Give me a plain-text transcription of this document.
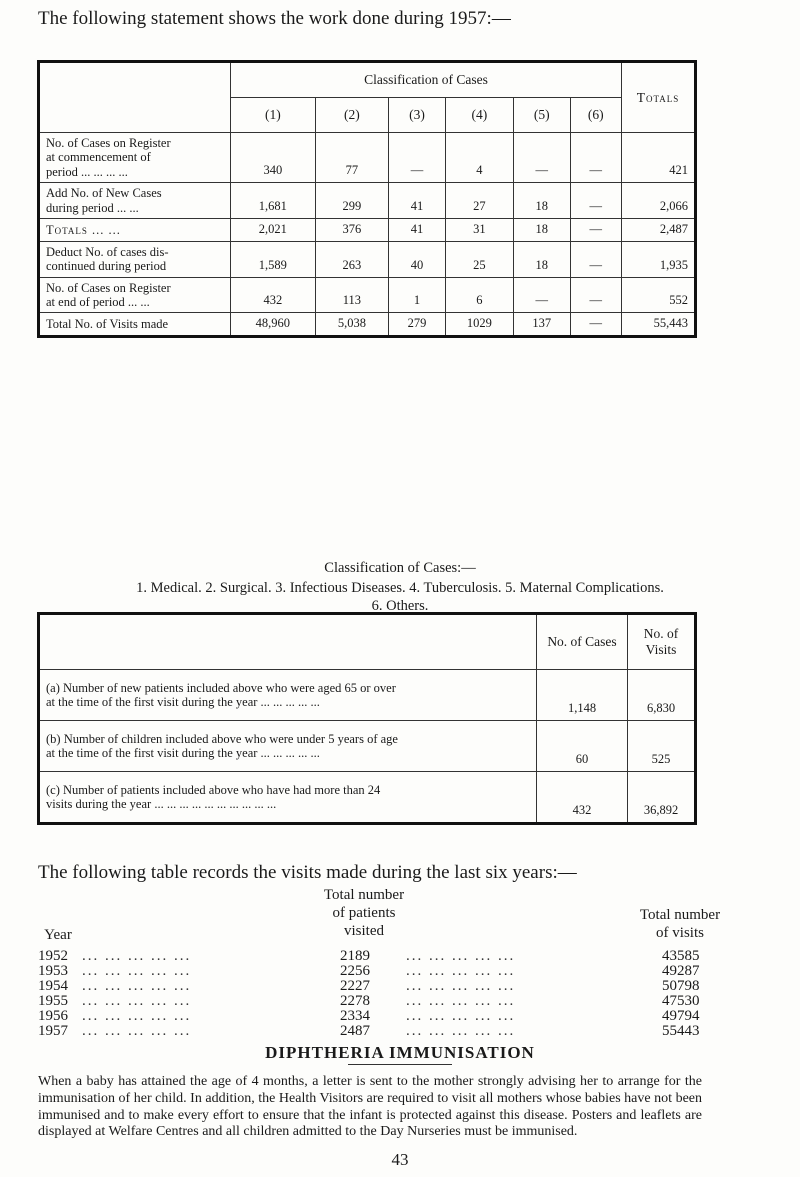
The following statement shows the work done during 1957:—
	Classification of Cases						Totals
	(1)	(2)	(3)	(4)	(5)	(6)	

No. of Cases on Register
at commencement of
period ... ... ... ...	340	77	—	4	—	—	421

Add No. of New Cases
during period ... ...	1,681	299	41	27	18	—	2,066

Totals ... ...	2,021	376	41	31	18	—	2,487

Deduct No. of cases dis-
continued during period	1,589	263	40	25	18	—	1,935

No. of Cases on Register
at end of period ... ...	432	113	1	6	—	—	552

Total No. of Visits made	48,960	5,038	279	1029	137	—	55,443
Classification of Cases:—
1. Medical. 2. Surgical. 3. Infectious Diseases. 4. Tuberculosis. 5. Maternal Complications.
6. Others.
	No. of Cases	No. of Visits

(a) Number of new patients included above who were aged 65 or over
at the time of the first visit during the year ... ... ... ... ...	1,148	6,830

(b) Number of children included above who were under 5 years of age
at the time of the first visit during the year ... ... ... ... ...	60	525

(c) Number of patients included above who have had more than 24
visits during the year ... ... ... ... ... ... ... ... ... ...	432	36,892
The following table records the visits made during the last six years:—
Year
Total number
of patients
visited
Total number
of visits
1952 ... ... ... ... ...	2189 ... ... ... ... ...	43585
1953 ... ... ... ... ...	2256 ... ... ... ... ...	49287
1954 ... ... ... ... ...	2227 ... ... ... ... ...	50798
1955 ... ... ... ... ...	2278 ... ... ... ... ...	47530
1956 ... ... ... ... ...	2334 ... ... ... ... ...	49794
1957 ... ... ... ... ...	2487 ... ... ... ... ...	55443
DIPHTHERIA IMMUNISATION
When a baby has attained the age of 4 months, a letter is sent to the mother strongly advising her to arrange for the immunisation of her child. In addition, the Health Visitors are required to visit all mothers whose babies have not been immunised and to make every effort to ensure that the infant is protected against this disease. Posters and leaflets are displayed at Welfare Centres and all children admitted to the Day Nurseries must be immunised.
43
